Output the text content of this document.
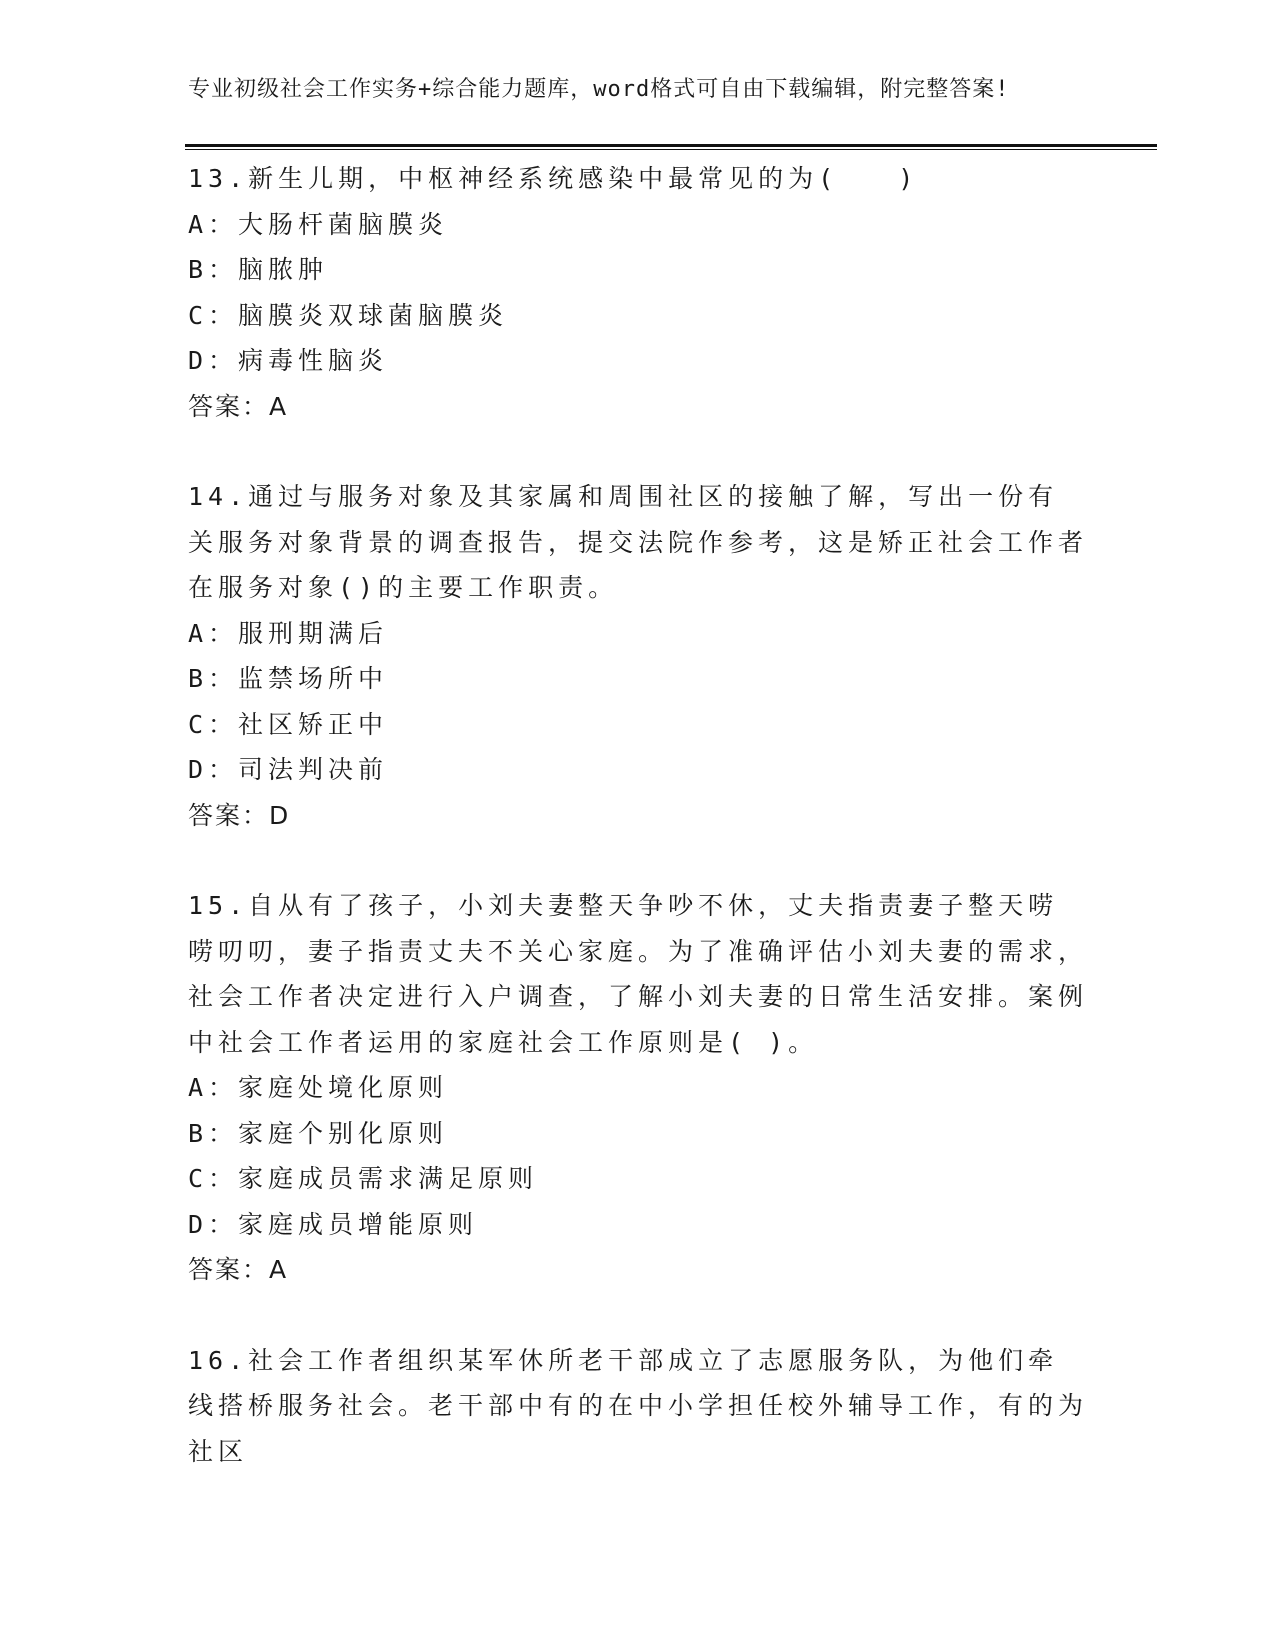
专业初级社会工作实务+综合能力题库，word格式可自由下载编辑，附完整答案!

13.新生儿期，中枢神经系统感染中最常见的为(　　)

A：大肠杆菌脑膜炎

B：脑脓肿

C：脑膜炎双球菌脑膜炎

D：病毒性脑炎

答案：A

14.通过与服务对象及其家属和周围社区的接触了解，写出一份有关服务对象背景的调查报告，提交法院作参考，这是矫正社会工作者在服务对象()的主要工作职责。

A：服刑期满后

B：监禁场所中

C：社区矫正中

D：司法判决前

答案：D

15.自从有了孩子，小刘夫妻整天争吵不休，丈夫指责妻子整天唠唠叨叨，妻子指责丈夫不关心家庭。为了准确评估小刘夫妻的需求，社会工作者决定进行入户调查，了解小刘夫妻的日常生活安排。案例中社会工作者运用的家庭社会工作原则是( )。

A：家庭处境化原则

B：家庭个别化原则

C：家庭成员需求满足原则

D：家庭成员增能原则

答案：A

16.社会工作者组织某军休所老干部成立了志愿服务队，为他们牵线搭桥服务社会。老干部中有的在中小学担任校外辅导工作，有的为社区
